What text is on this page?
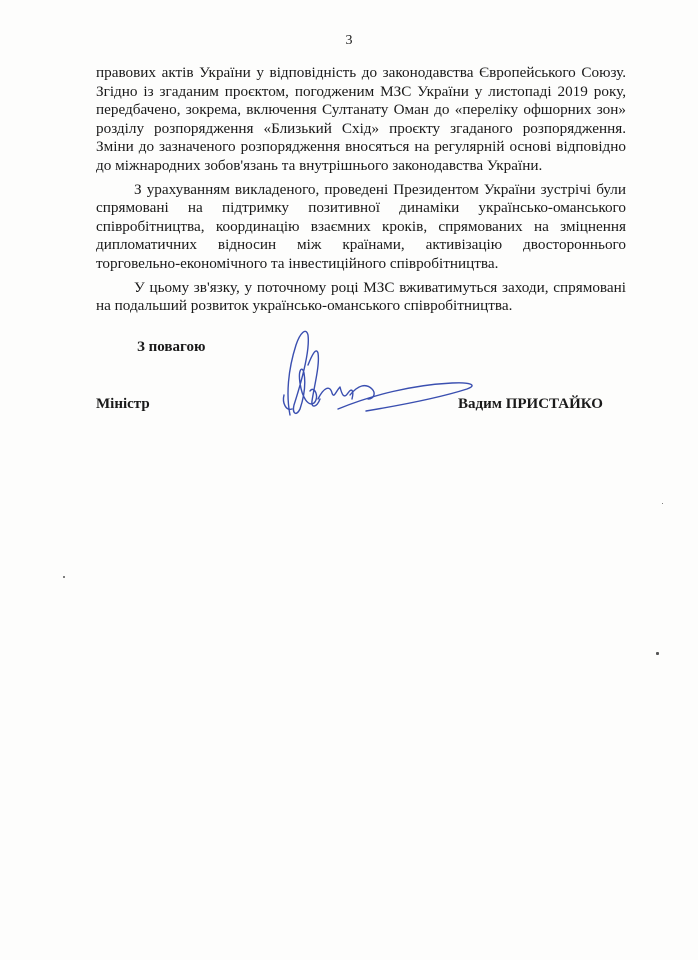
3

правових актів України у відповідність до законодавства Європейського Союзу. Згідно із згаданим проєктом, погодженим МЗС України у листопаді 2019 року, передбачено, зокрема, включення Султанату Оман до «переліку офшорних зон» розділу розпорядження «Близький Схід» проєкту згаданого розпорядження. Зміни до зазначеного розпорядження вносяться на регулярній основі відповідно до міжнародних зобов'язань та внутрішнього законодавства України.

З урахуванням викладеного, проведені Президентом України зустрічі були спрямовані на підтримку позитивної динаміки українсько-оманського співробітництва, координацію взаємних кроків, спрямованих на зміцнення дипломатичних відносин між країнами, активізацію двостороннього торговельно-економічного та інвестиційного співробітництва.

У цьому зв'язку, у поточному році МЗС вживатимуться заходи, спрямовані на подальший розвиток українсько-оманського співробітництва.

З повагою
Міністр	Вадим ПРИСТАЙКО
